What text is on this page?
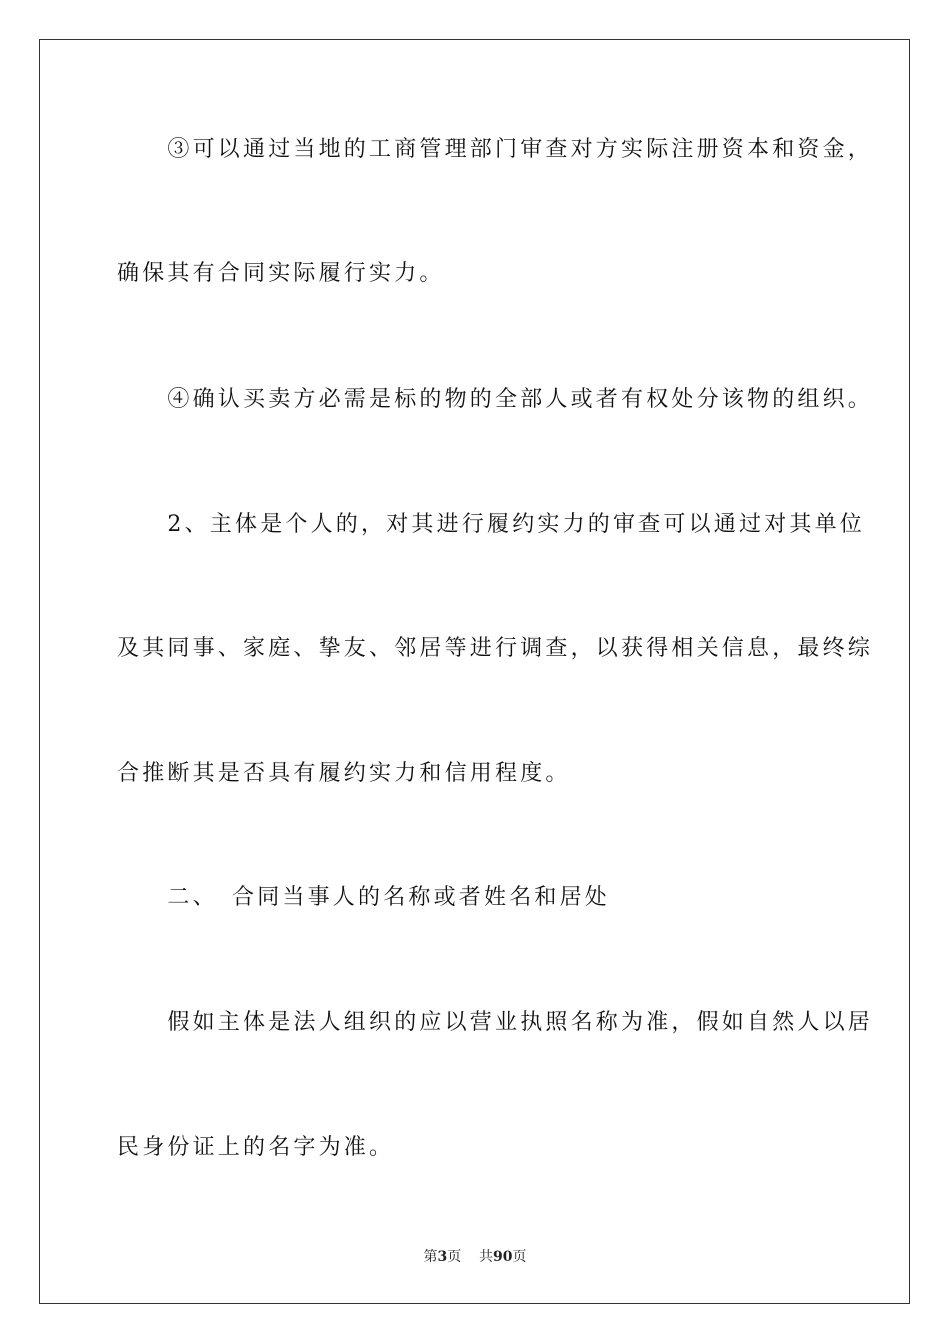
　　③可以通过当地的工商管理部门审查对方实际注册资本和资金，
确保其有合同实际履行实力。
　　④确认买卖方必需是标的物的全部人或者有权处分该物的组织。
　　2、主体是个人的，对其进行履约实力的审查可以通过对其单位
及其同事、家庭、挚友、邻居等进行调查，以获得相关信息，最终综
合推断其是否具有履约实力和信用程度。
　　二、　合同当事人的名称或者姓名和居处
　　假如主体是法人组织的应以营业执照名称为准，假如自然人以居
民身份证上的名字为准。
第3页 共90页
